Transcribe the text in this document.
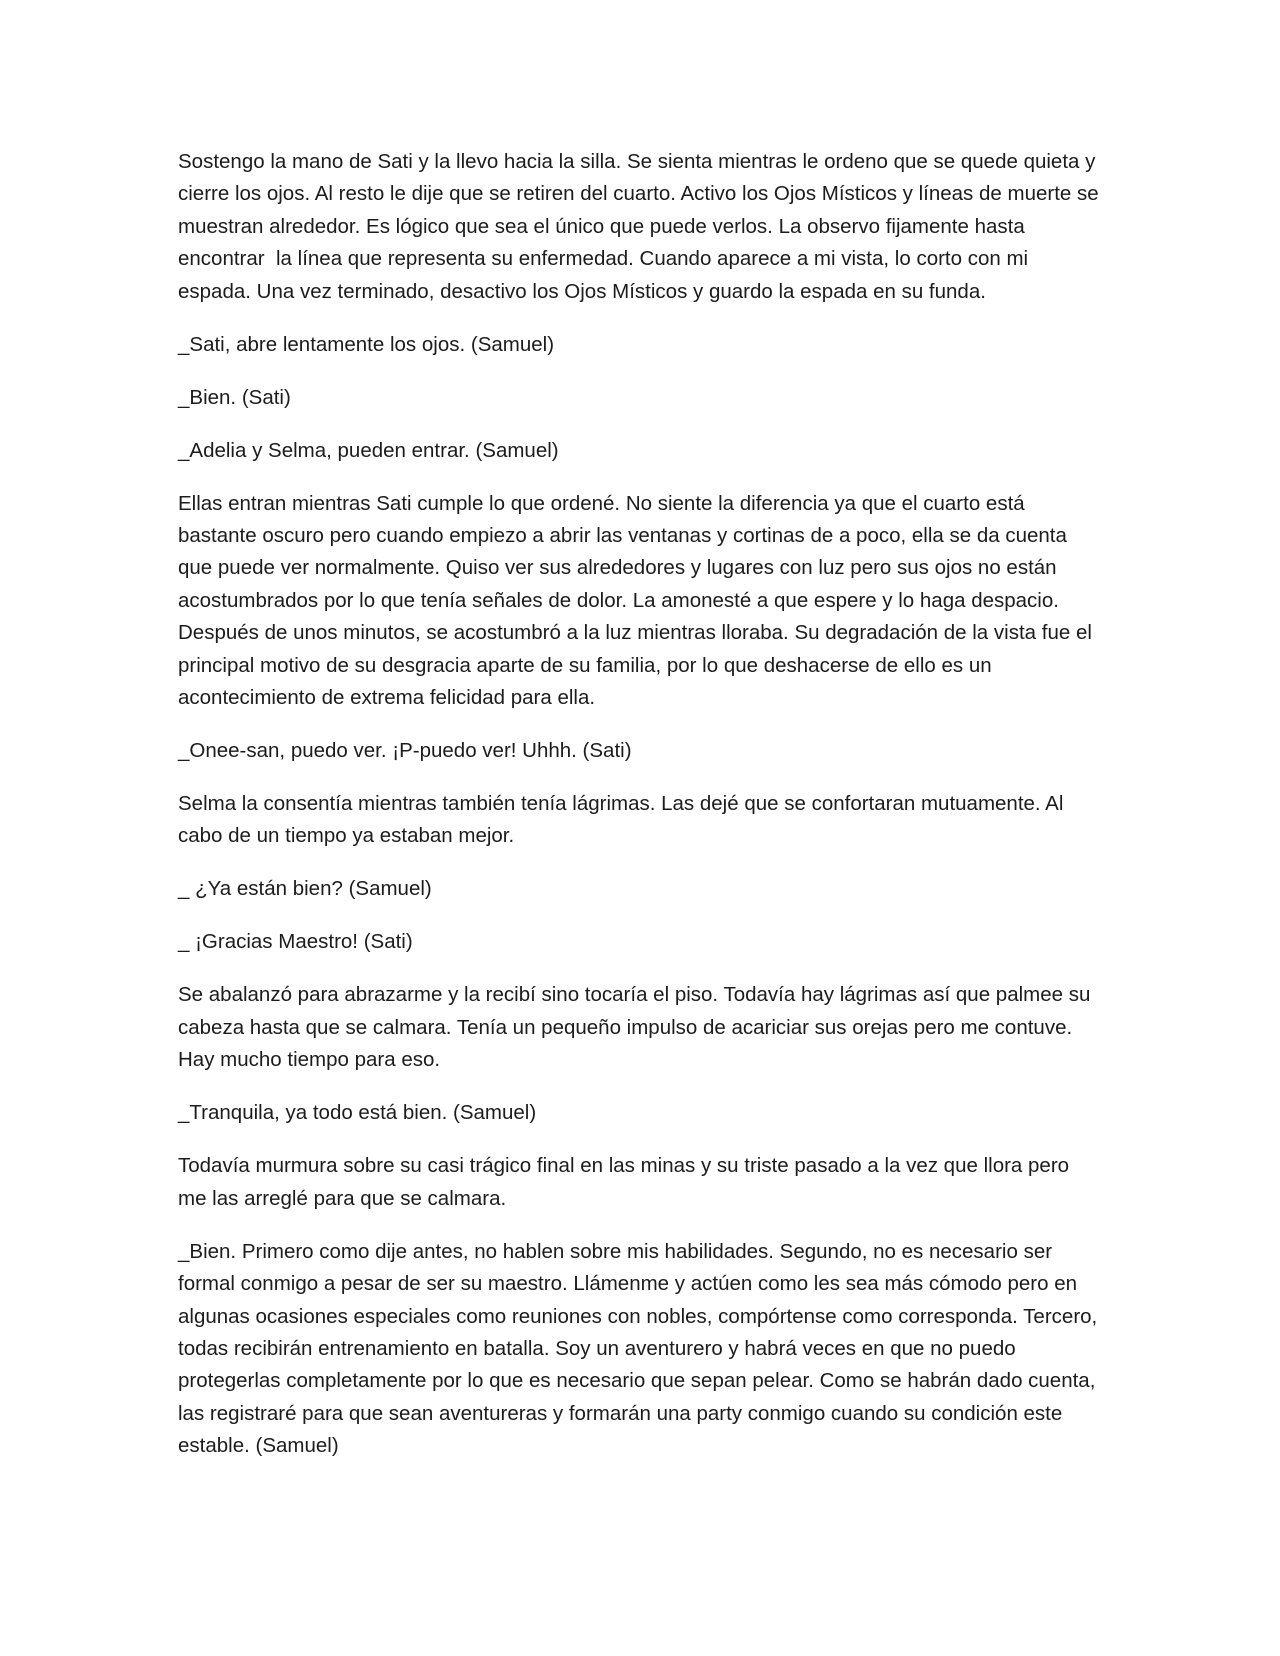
Sostengo la mano de Sati y la llevo hacia la silla. Se sienta mientras le ordeno que se quede quieta y cierre los ojos. Al resto le dije que se retiren del cuarto. Activo los Ojos Místicos y líneas de muerte se muestran alrededor. Es lógico que sea el único que puede verlos. La observo fijamente hasta encontrar  la línea que representa su enfermedad. Cuando aparece a mi vista, lo corto con mi espada. Una vez terminado, desactivo los Ojos Místicos y guardo la espada en su funda.

_Sati, abre lentamente los ojos. (Samuel)

_Bien. (Sati)

_Adelia y Selma, pueden entrar. (Samuel)

Ellas entran mientras Sati cumple lo que ordené. No siente la diferencia ya que el cuarto está bastante oscuro pero cuando empiezo a abrir las ventanas y cortinas de a poco, ella se da cuenta que puede ver normalmente. Quiso ver sus alrededores y lugares con luz pero sus ojos no están acostumbrados por lo que tenía señales de dolor. La amonesté a que espere y lo haga despacio. Después de unos minutos, se acostumbró a la luz mientras lloraba. Su degradación de la vista fue el principal motivo de su desgracia aparte de su familia, por lo que deshacerse de ello es un acontecimiento de extrema felicidad para ella.

_Onee-san, puedo ver. ¡P-puedo ver! Uhhh. (Sati)

Selma la consentía mientras también tenía lágrimas. Las dejé que se confortaran mutuamente. Al cabo de un tiempo ya estaban mejor.

_ ¿Ya están bien? (Samuel)

_ ¡Gracias Maestro! (Sati)

Se abalanzó para abrazarme y la recibí sino tocaría el piso. Todavía hay lágrimas así que palmee su cabeza hasta que se calmara. Tenía un pequeño impulso de acariciar sus orejas pero me contuve. Hay mucho tiempo para eso.

_Tranquila, ya todo está bien. (Samuel)

Todavía murmura sobre su casi trágico final en las minas y su triste pasado a la vez que llora pero me las arreglé para que se calmara.

_Bien. Primero como dije antes, no hablen sobre mis habilidades. Segundo, no es necesario ser formal conmigo a pesar de ser su maestro. Llámenme y actúen como les sea más cómodo pero en algunas ocasiones especiales como reuniones con nobles, compórtense como corresponda. Tercero, todas recibirán entrenamiento en batalla. Soy un aventurero y habrá veces en que no puedo protegerlas completamente por lo que es necesario que sepan pelear. Como se habrán dado cuenta, las registraré para que sean aventureras y formarán una party conmigo cuando su condición este estable. (Samuel)
